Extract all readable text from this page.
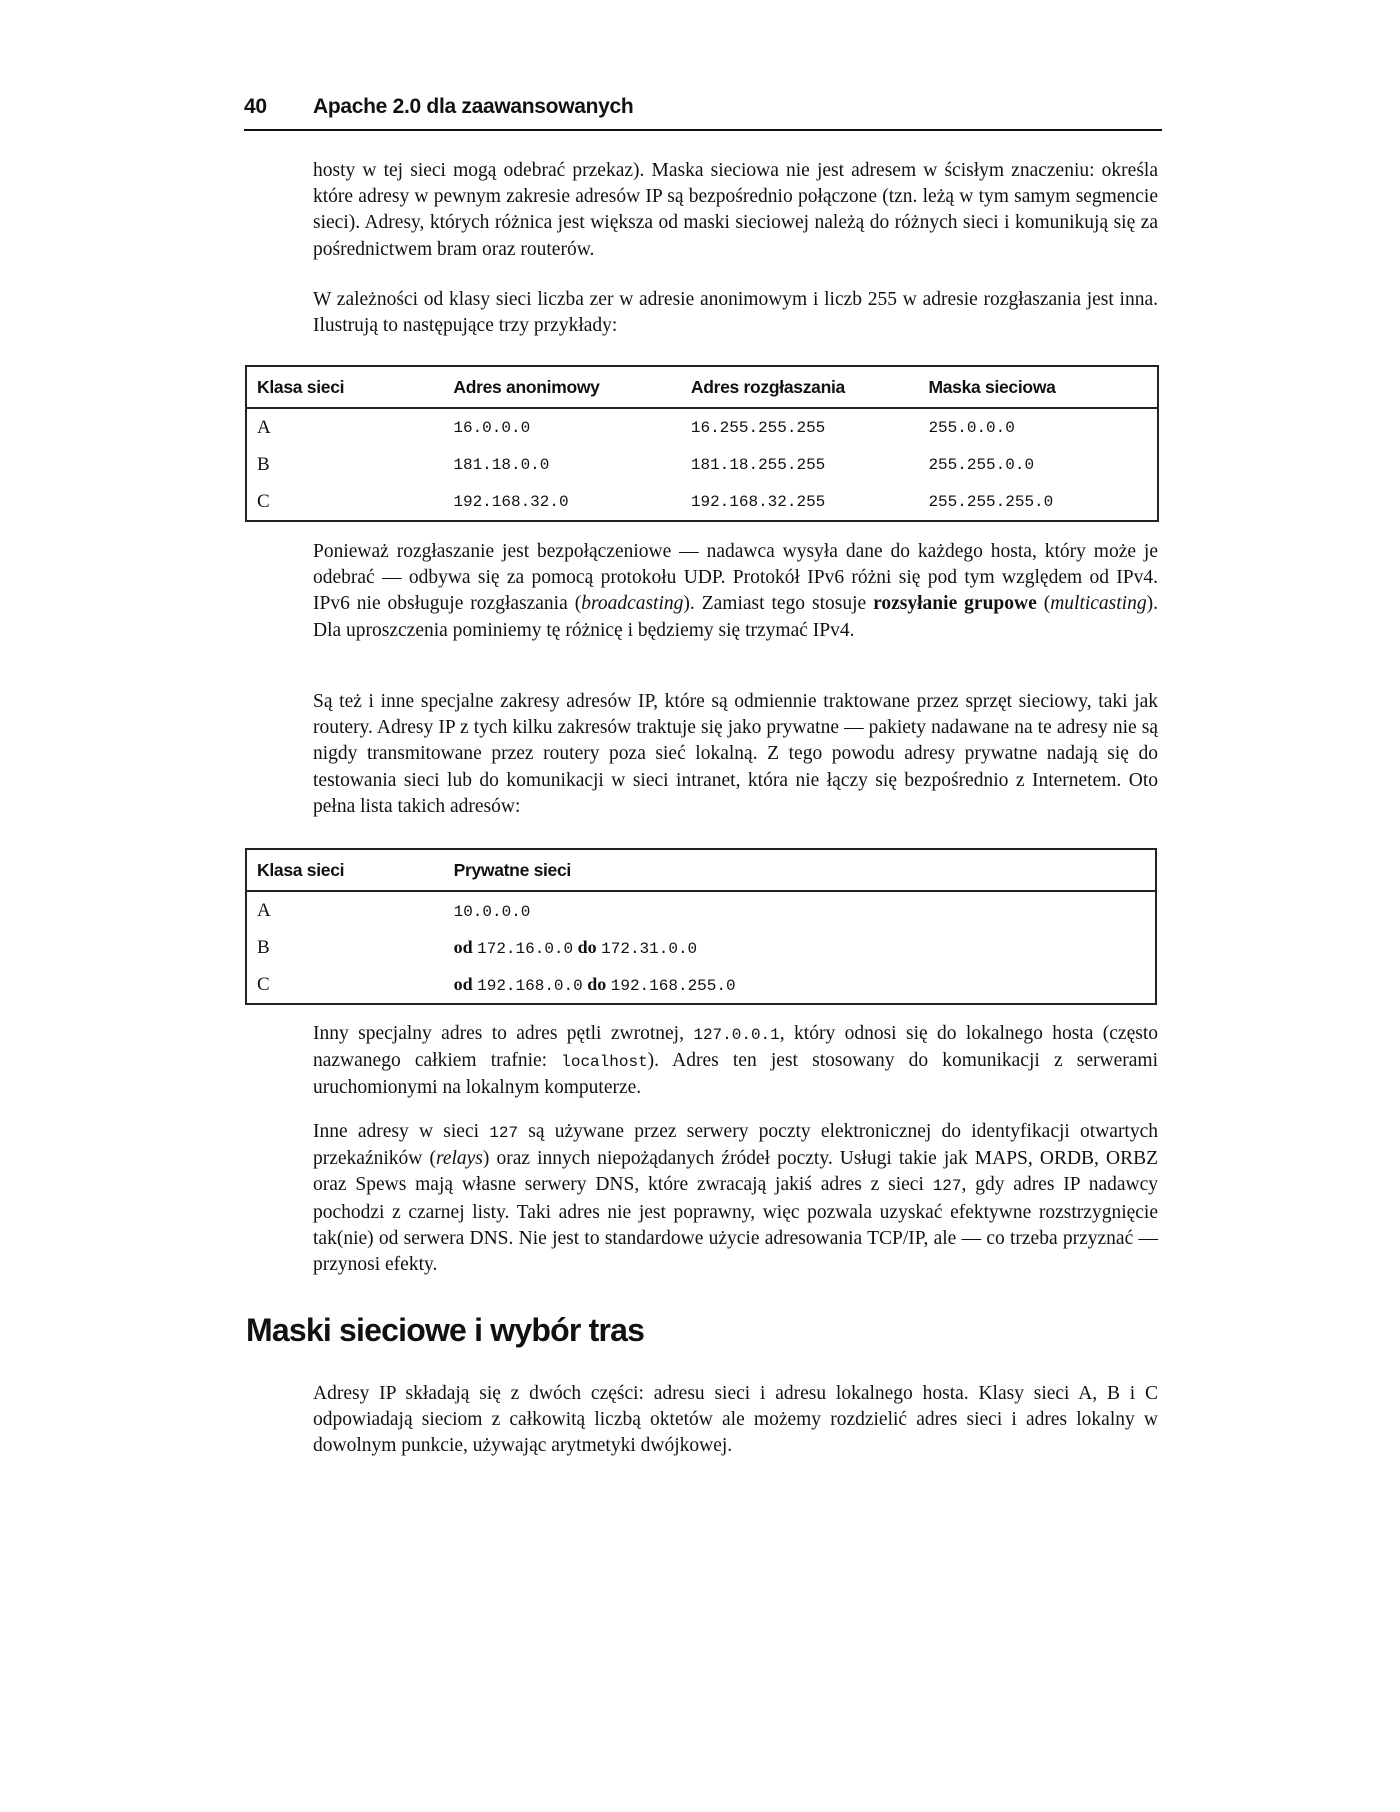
40 Apache 2.0 dla zaawansowanych

hosty w tej sieci mogą odebrać przekaz). Maska sieciowa nie jest adresem w ścisłym znaczeniu: określa które adresy w pewnym zakresie adresów IP są bezpośrednio połączone (tzn. leżą w tym samym segmencie sieci). Adresy, których różnica jest większa od maski sieciowej należą do różnych sieci i komunikują się za pośrednictwem bram oraz routerów.

W zależności od klasy sieci liczba zer w adresie anonimowym i liczb 255 w adresie rozgłaszania jest inna. Ilustrują to następujące trzy przykłady:

Klasa sieci	Adres anonimowy	Adres rozgłaszania	Maska sieciowa
A	16.0.0.0	16.255.255.255	255.0.0.0
B	181.18.0.0	181.18.255.255	255.255.0.0
C	192.168.32.0	192.168.32.255	255.255.255.0

Ponieważ rozgłaszanie jest bezpołączeniowe — nadawca wysyła dane do każdego hosta, który może je odebrać — odbywa się za pomocą protokołu UDP. Protokół IPv6 różni się pod tym względem od IPv4. IPv6 nie obsługuje rozgłaszania (broadcasting). Zamiast tego stosuje rozsyłanie grupowe (multicasting). Dla uproszczenia pominiemy tę różnicę i będziemy się trzymać IPv4.

Są też i inne specjalne zakresy adresów IP, które są odmiennie traktowane przez sprzęt sieciowy, taki jak routery. Adresy IP z tych kilku zakresów traktuje się jako prywatne — pakiety nadawane na te adresy nie są nigdy transmitowane przez routery poza sieć lokalną. Z tego powodu adresy prywatne nadają się do testowania sieci lub do komunikacji w sieci intranet, która nie łączy się bezpośrednio z Internetem. Oto pełna lista takich adresów:

Klasa sieci	Prywatne sieci
A	10.0.0.0
B	od 172.16.0.0 do 172.31.0.0
C	od 192.168.0.0 do 192.168.255.0

Inny specjalny adres to adres pętli zwrotnej, 127.0.0.1, który odnosi się do lokalnego hosta (często nazwanego całkiem trafnie: localhost). Adres ten jest stosowany do komunikacji z serwerami uruchomionymi na lokalnym komputerze.

Inne adresy w sieci 127 są używane przez serwery poczty elektronicznej do identyfikacji otwartych przekaźników (relays) oraz innych niepożądanych źródeł poczty. Usługi takie jak MAPS, ORDB, ORBZ oraz Spews mają własne serwery DNS, które zwracają jakiś adres z sieci 127, gdy adres IP nadawcy pochodzi z czarnej listy. Taki adres nie jest poprawny, więc pozwala uzyskać efektywne rozstrzygnięcie tak(nie) od serwera DNS. Nie jest to standardowe użycie adresowania TCP/IP, ale — co trzeba przyznać — przynosi efekty.

Maski sieciowe i wybór tras

Adresy IP składają się z dwóch części: adresu sieci i adresu lokalnego hosta. Klasy sieci A, B i C odpowiadają sieciom z całkowitą liczbą oktetów ale możemy rozdzielić adres sieci i adres lokalny w dowolnym punkcie, używając arytmetyki dwójkowej.
